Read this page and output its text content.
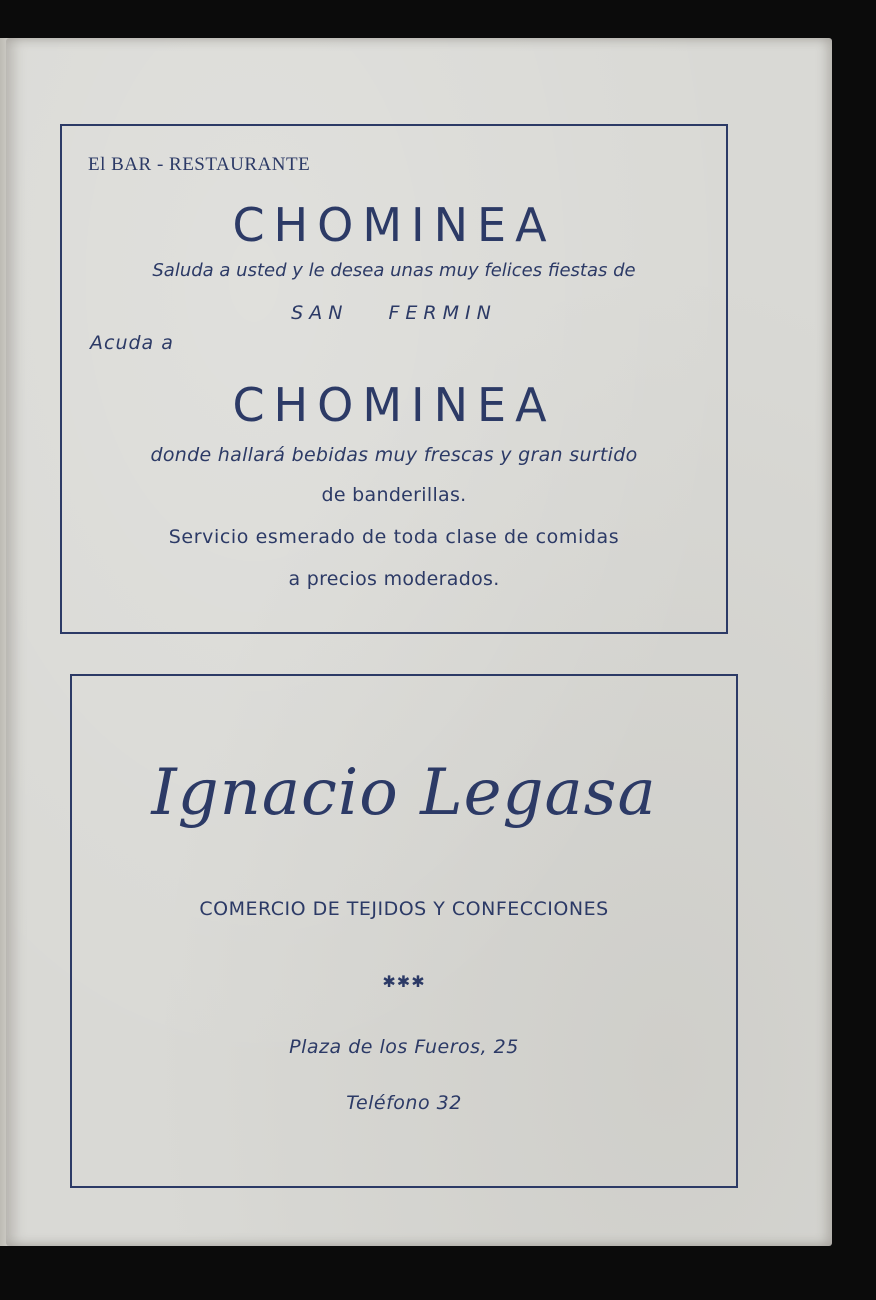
El BAR - RESTAURANTE
CHOMINEA
Saluda a usted y le desea unas muy felices fiestas de
SAN FERMIN
Acuda a
CHOMINEA
donde hallará bebidas muy frescas y gran surtido
de banderillas.
Servicio esmerado de toda clase de comidas
a precios moderados.
Ignacio Legasa
COMERCIO DE TEJIDOS Y CONFECCIONES
✱✱✱
Plaza de los Fueros, 25
Teléfono 32
